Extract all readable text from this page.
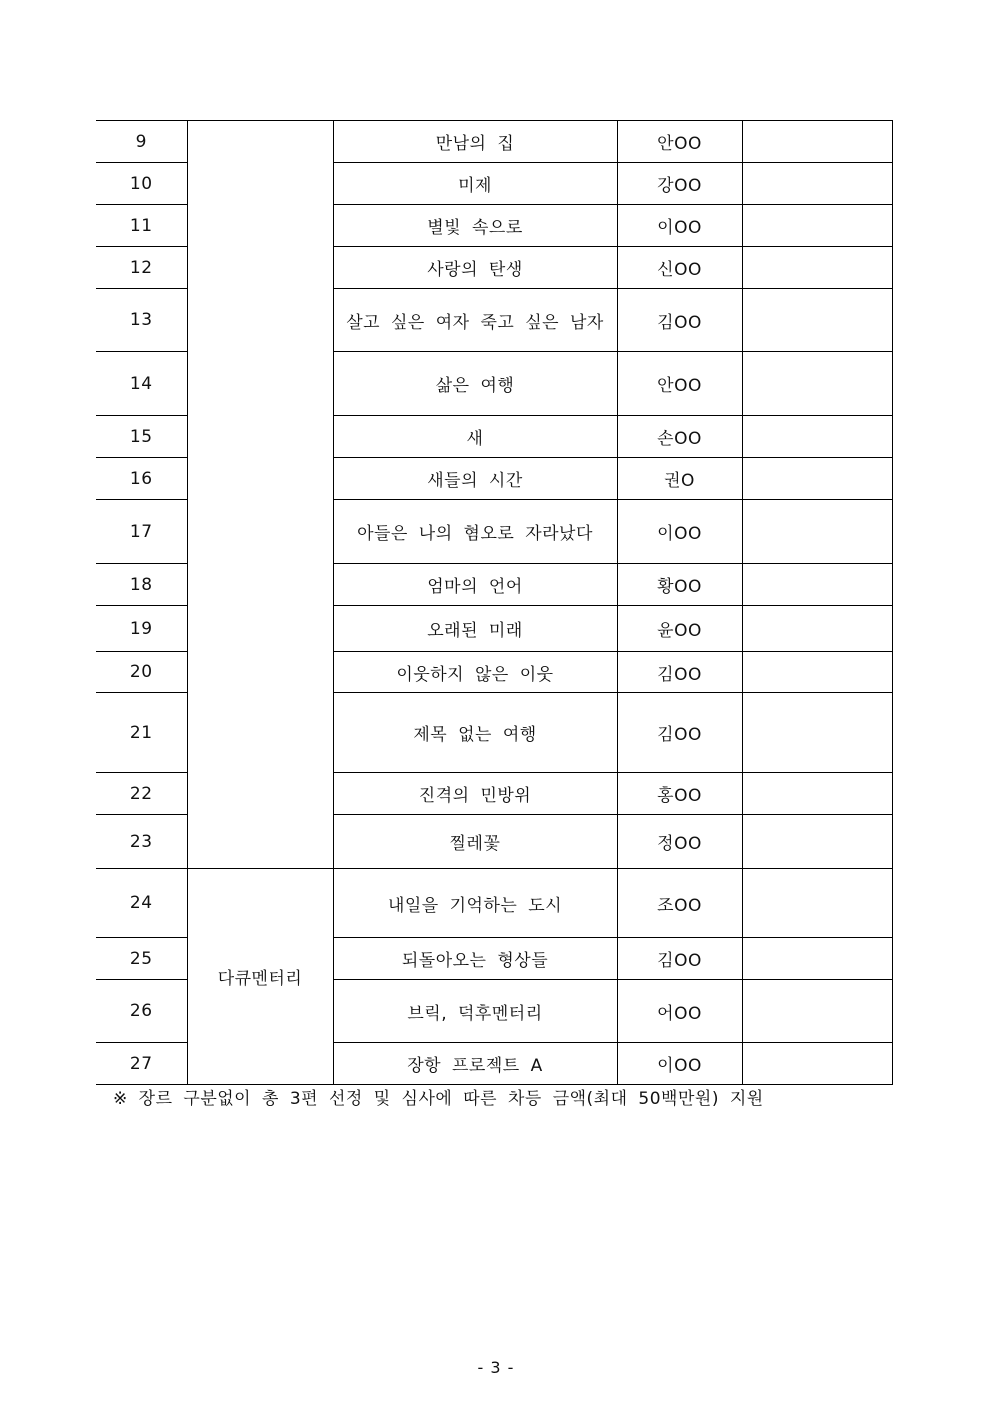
9		만남의 집	안OO	
10		미제	강OO	
11		별빛 속으로	이OO	
12		사랑의 탄생	신OO	
13		살고 싶은 여자 죽고 싶은 남자	김OO	
14		삶은 여행	안OO	
15		새	손OO	
16		새들의 시간	권O	
17		아들은 나의 혐오로 자라났다	이OO	
18		엄마의 언어	황OO	
19		오래된 미래	윤OO	
20		이웃하지 않은 이웃	김OO	
21		제목 없는 여행	김OO	
22		진격의 민방위	홍OO	
23		찔레꽃	정OO	
24	다큐멘터리	내일을 기억하는 도시	조OO	
25		되돌아오는 형상들	김OO	
26		브릭, 덕후멘터리	어OO	
27		장항 프로젝트 A	이OO	
※ 장르 구분없이 총 3편 선정 및 심사에 따른 차등 금액(최대 50백만원) 지원
- 3 -
